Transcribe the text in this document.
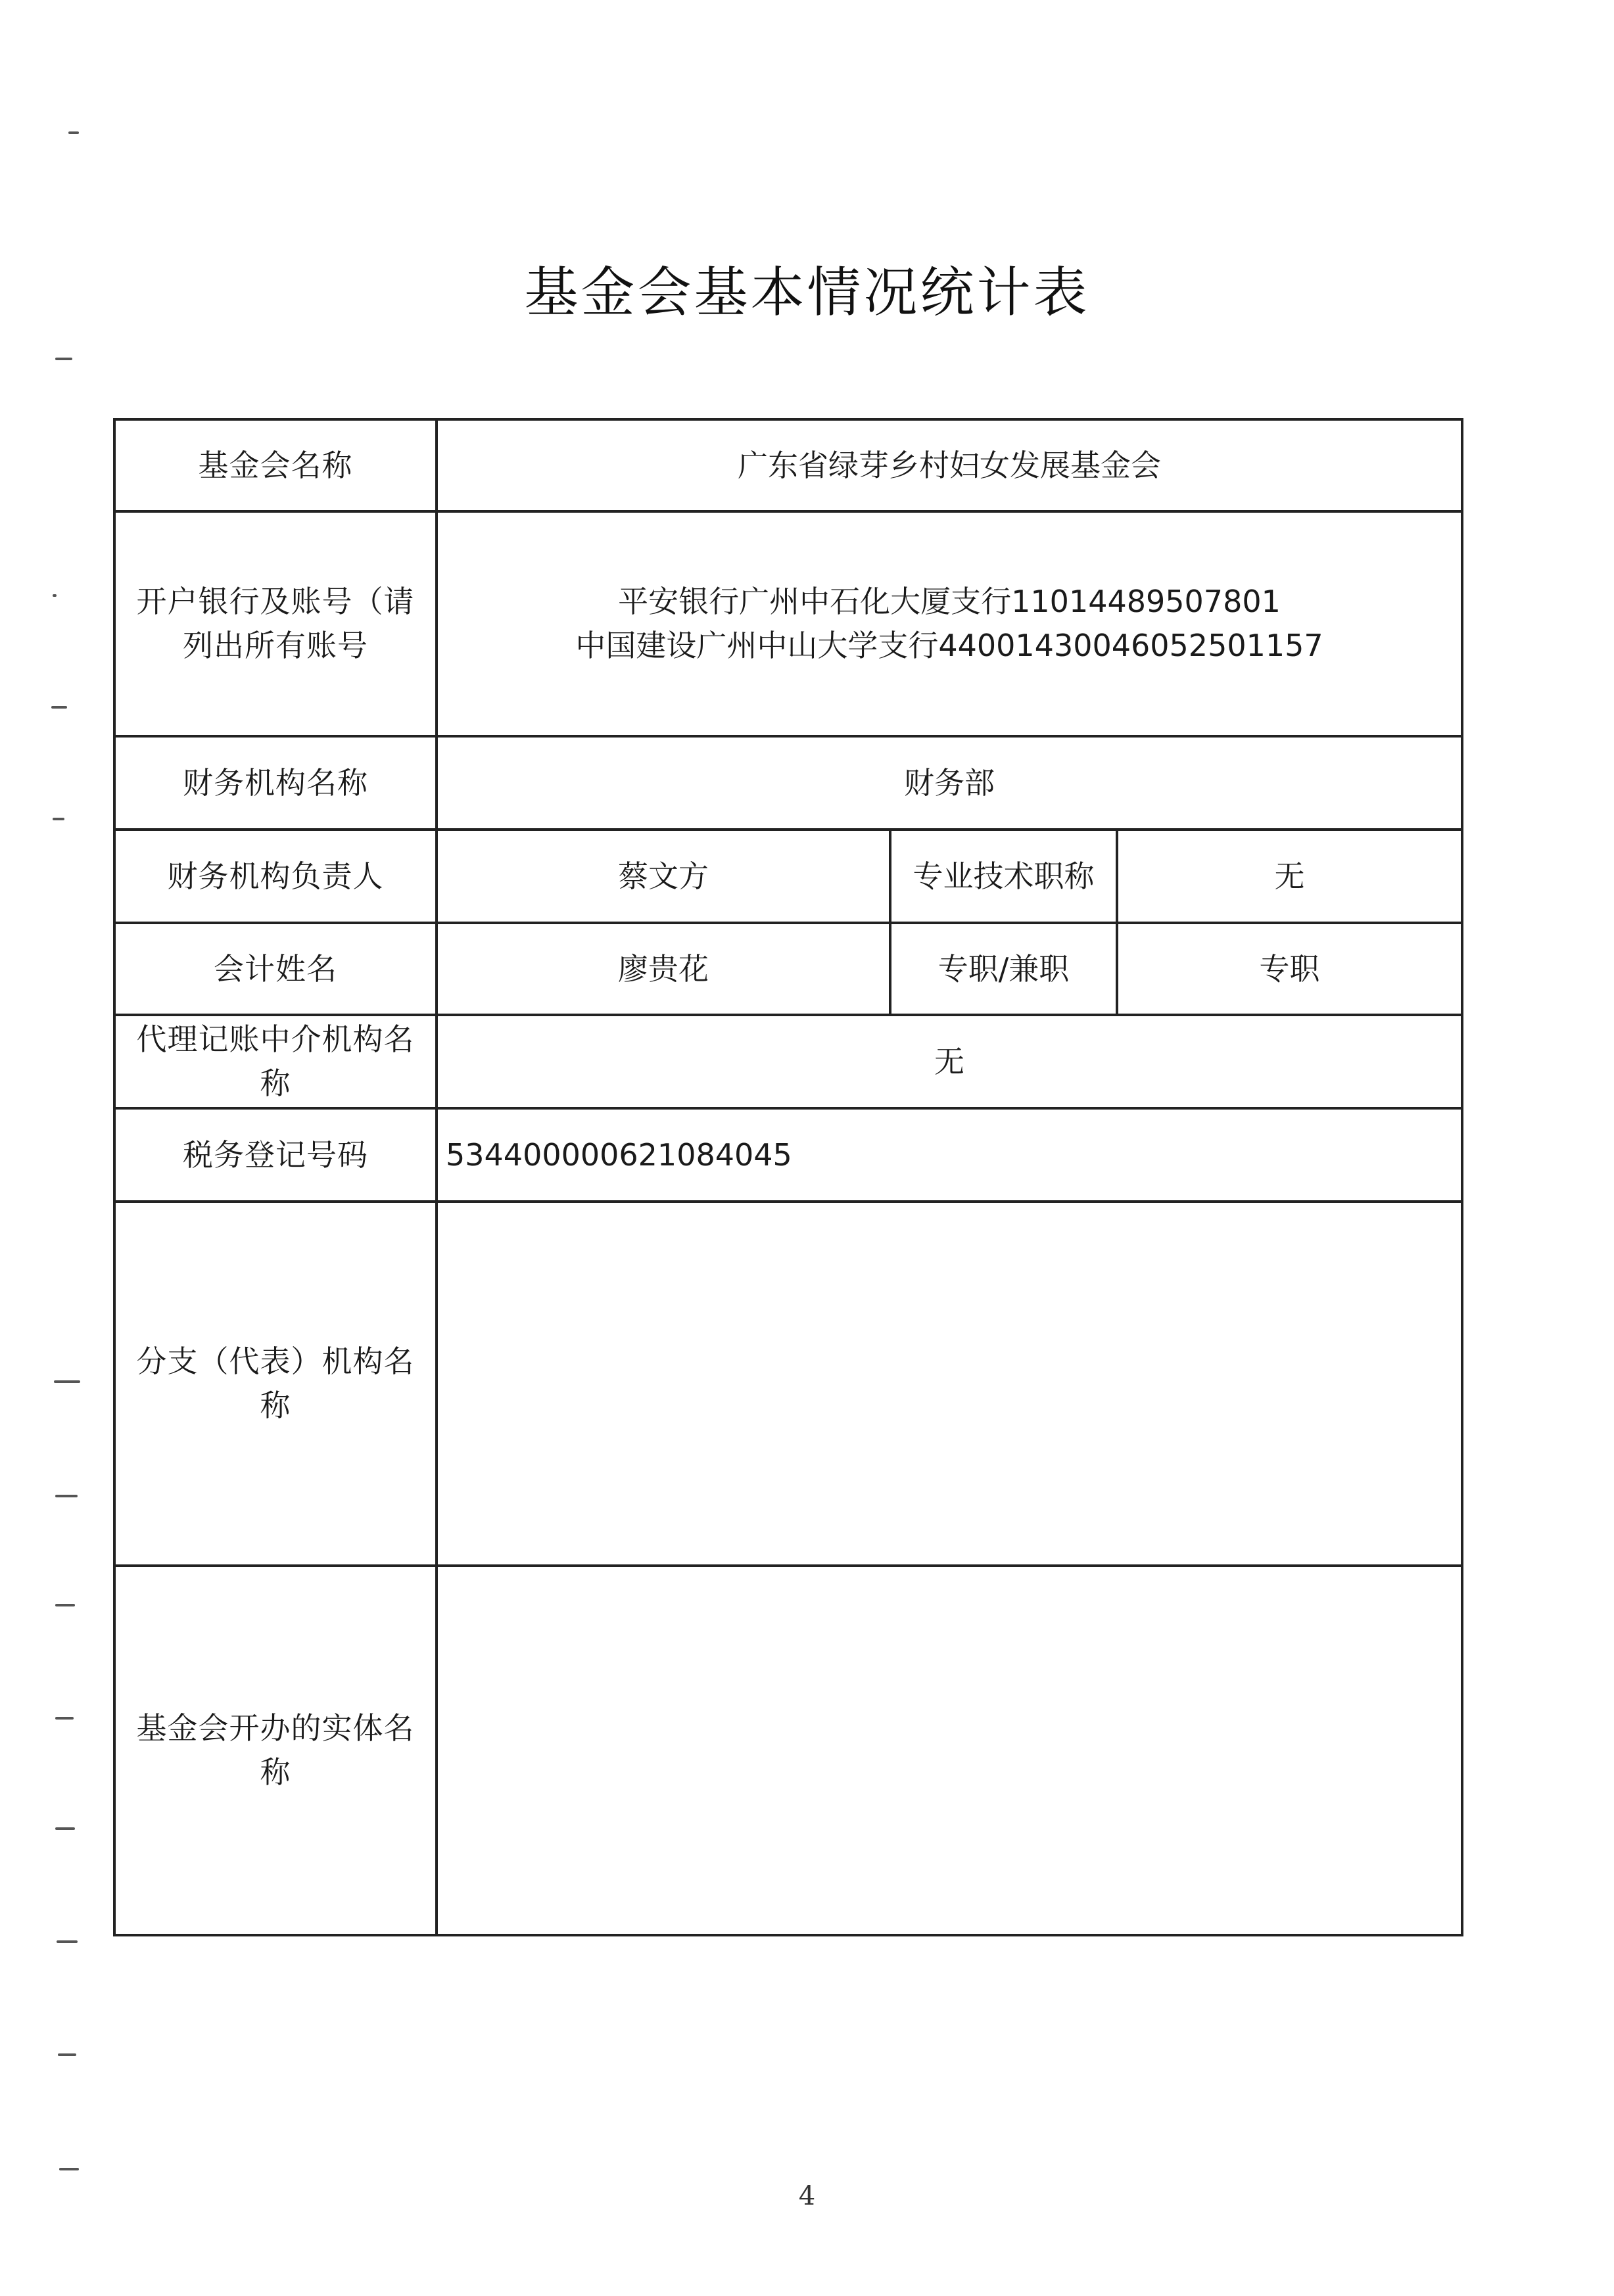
基金会基本情况统计表
基金会名称	广东省绿芽乡村妇女发展基金会		
开户银行及账号（请列出所有账号	平安银行广州中石化大厦支行11014489507801
中国建设广州中山大学支行44001430046052501157		

财务机构名称	财务部		
财务机构负责人	蔡文方	专业技术职称	无
会计姓名	廖贵花	专职/兼职	专职
代理记账中介机构名称	无		
税务登记号码	534400000621084045		
分支（代表）机构名称			
基金会开办的实体名称			
4
